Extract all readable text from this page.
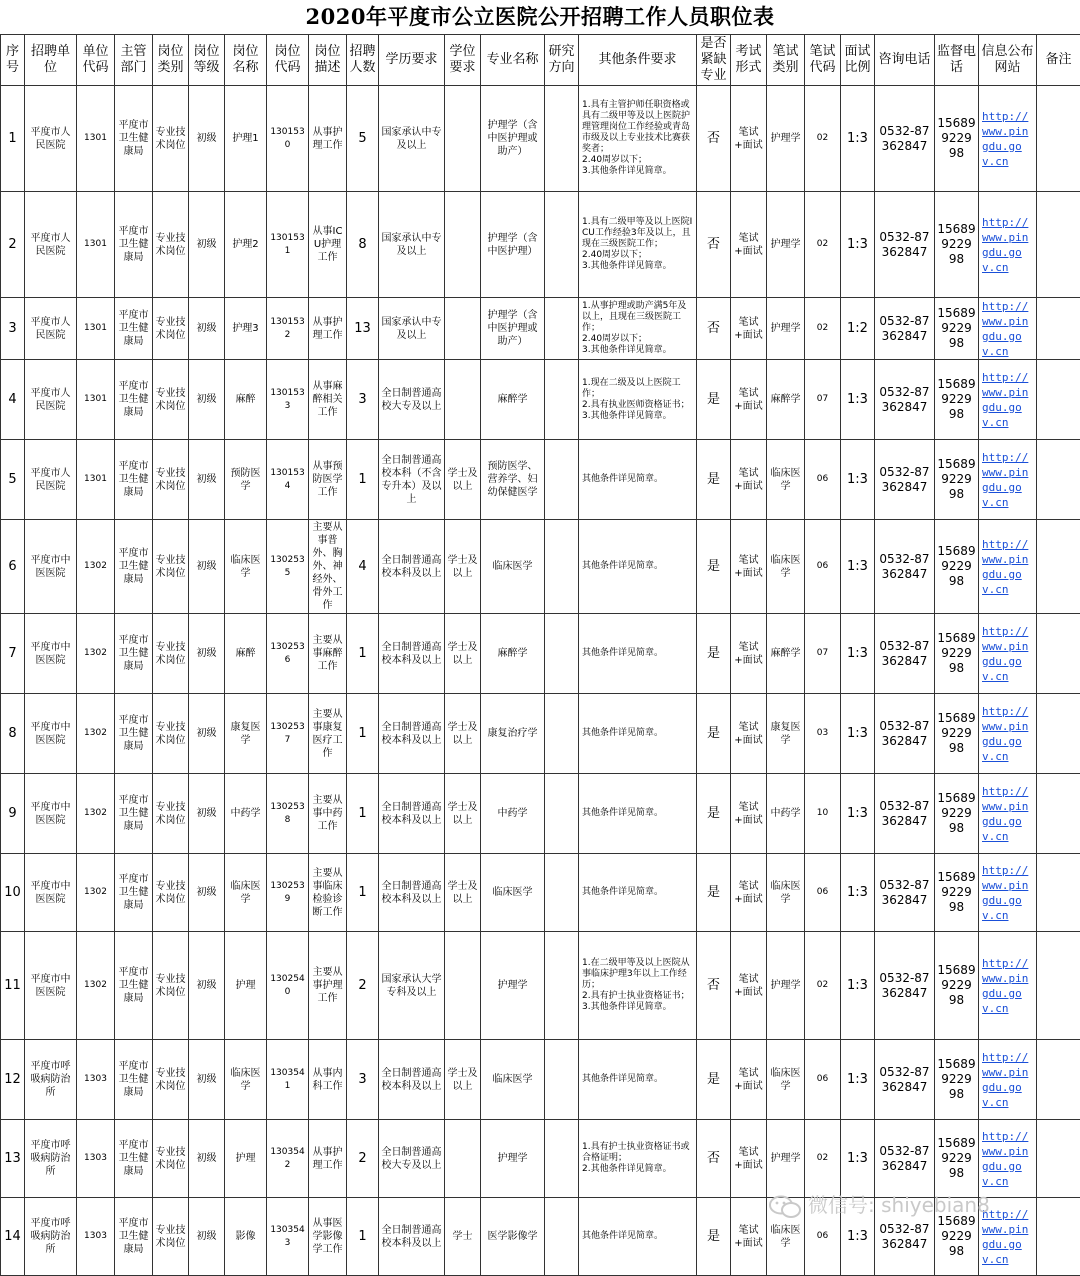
2020年平度市公立医院公开招聘工作人员职位表
序号	招聘单位	单位代码	主管部门	岗位类别	岗位等级	岗位名称	岗位代码	岗位描述	招聘人数	学历要求	学位要求	专业名称	研究方向	其他条件要求	是否紧缺专业	考试形式	笔试类别	笔试代码	面试比例	咨询电话	监督电话	信息公布网站	备注
1	平度市人民医院	1301	平度市卫生健康局	专业技术岗位	初级	护理1	1301530	从事护理工作	5	国家承认中专及以上		护理学（含中医护理或助产）		1.具有主管护师任职资格或具有二级甲等及以上医院护理管理岗位工作经验或青岛市级及以上专业技术比赛获奖者；
2.40周岁以下；
3.其他条件详见简章。	否	笔试+面试	护理学	02	1:3	0532-87362847	156899229 98	http://www.pingdu.gov.cn	
2	平度市人民医院	1301	平度市卫生健康局	专业技术岗位	初级	护理2	1301531	从事ICU护理工作	8	国家承认中专及以上		护理学（含中医护理）		1.具有二级甲等及以上医院ICU工作经验3年及以上，且现在三级医院工作；
2.40周岁以下；
3.其他条件详见简章。	否	笔试+面试	护理学	02	1:3	0532-87362847	156899229 98	http://www.pingdu.gov.cn	
3	平度市人民医院	1301	平度市卫生健康局	专业技术岗位	初级	护理3	1301532	从事护理工作	13	国家承认中专及以上		护理学（含中医护理或助产）		1.从事护理或助产满5年及以上，且现在三级医院工作；
2.40周岁以下；
3.其他条件详见简章。	否	笔试+面试	护理学	02	1:2	0532-87362847	156899229 98	http://www.pingdu.gov.cn	
4	平度市人民医院	1301	平度市卫生健康局	专业技术岗位	初级	麻醉	1301533	从事麻醉相关工作	3	全日制普通高校大专及以上		麻醉学		1.现在二级及以上医院工作；
2.具有执业医师资格证书；
3.其他条件详见简章。	是	笔试+面试	麻醉学	07	1:3	0532-87362847	156899229 98	http://www.pingdu.gov.cn	
5	平度市人民医院	1301	平度市卫生健康局	专业技术岗位	初级	预防医学	1301534	从事预防医学工作	1	全日制普通高校本科（不含专升本）及以上	学士及以上	预防医学、营养学、妇幼保健医学		其他条件详见简章。	是	笔试+面试	临床医学	06	1:3	0532-87362847	156899229 98	http://www.pingdu.gov.cn	
6	平度市中医医院	1302	平度市卫生健康局	专业技术岗位	初级	临床医学	1302535	主要从事普外、胸外、神经外、骨外工作	4	全日制普通高校本科及以上	学士及以上	临床医学		其他条件详见简章。	是	笔试+面试	临床医学	06	1:3	0532-87362847	156899229 98	http://www.pingdu.gov.cn	
7	平度市中医医院	1302	平度市卫生健康局	专业技术岗位	初级	麻醉	1302536	主要从事麻醉工作	1	全日制普通高校本科及以上	学士及以上	麻醉学		其他条件详见简章。	是	笔试+面试	麻醉学	07	1:3	0532-87362847	156899229 98	http://www.pingdu.gov.cn	
8	平度市中医医院	1302	平度市卫生健康局	专业技术岗位	初级	康复医学	1302537	主要从事康复医疗工作	1	全日制普通高校本科及以上	学士及以上	康复治疗学		其他条件详见简章。	是	笔试+面试	康复医学	03	1:3	0532-87362847	156899229 98	http://www.pingdu.gov.cn	
9	平度市中医医院	1302	平度市卫生健康局	专业技术岗位	初级	中药学	1302538	主要从事中药工作	1	全日制普通高校本科及以上	学士及以上	中药学		其他条件详见简章。	是	笔试+面试	中药学	10	1:3	0532-87362847	156899229 98	http://www.pingdu.gov.cn	
10	平度市中医医院	1302	平度市卫生健康局	专业技术岗位	初级	临床医学	1302539	主要从事临床检验诊断工作	1	全日制普通高校本科及以上	学士及以上	临床医学		其他条件详见简章。	是	笔试+面试	临床医学	06	1:3	0532-87362847	156899229 98	http://www.pingdu.gov.cn	
11	平度市中医医院	1302	平度市卫生健康局	专业技术岗位	初级	护理	1302540	主要从事护理工作	2	国家承认大学专科及以上		护理学		1.在二级甲等及以上医院从事临床护理3年以上工作经历；
2.具有护士执业资格证书；
3.其他条件详见简章。	否	笔试+面试	护理学	02	1:3	0532-87362847	156899229 98	http://www.pingdu.gov.cn	
12	平度市呼吸病防治所	1303	平度市卫生健康局	专业技术岗位	初级	临床医学	1303541	从事内科工作	3	全日制普通高校本科及以上	学士及以上	临床医学		其他条件详见简章。	是	笔试+面试	临床医学	06	1:3	0532-87362847	156899229 98	http://www.pingdu.gov.cn	
13	平度市呼吸病防治所	1303	平度市卫生健康局	专业技术岗位	初级	护理	1303542	从事护理工作	2	全日制普通高校大专及以上		护理学		1.具有护士执业资格证书或合格证明；
2.其他条件详见简章。	否	笔试+面试	护理学	02	1:3	0532-87362847	156899229 98	http://www.pingdu.gov.cn	
14	平度市呼吸病防治所	1303	平度市卫生健康局	专业技术岗位	初级	影像	1303543	从事医学影像学工作	1	全日制普通高校本科及以上	学士	医学影像学		其他条件详见简章。	是	笔试+面试	临床医学	06	1:3	0532-87362847	156899229 98	http://www.pingdu.gov.cn	
微信号: shiyebian8
